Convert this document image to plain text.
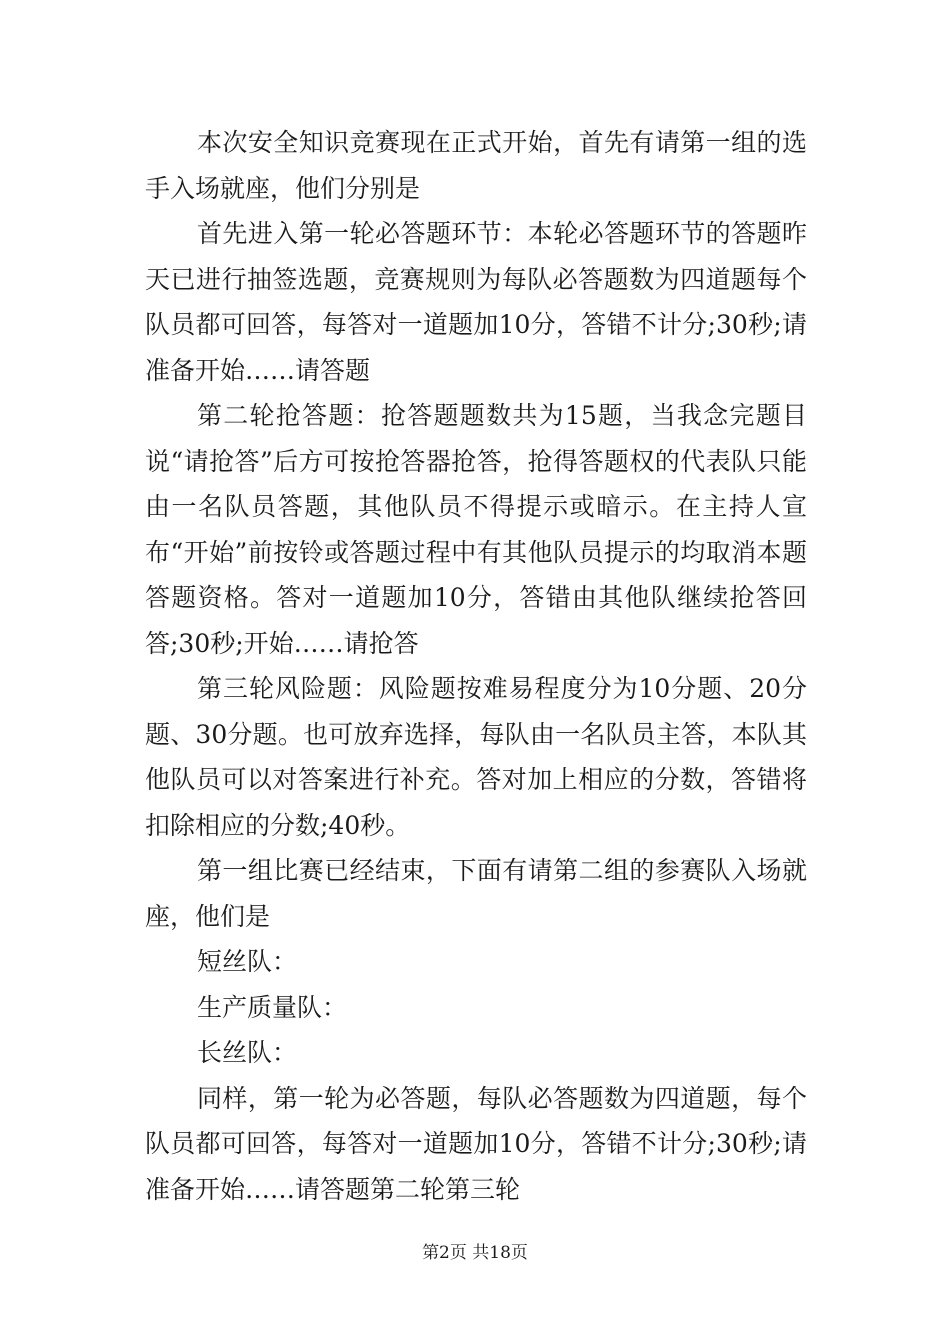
本次安全知识竞赛现在正式开始，首先有请第一组的选手入场就座，他们分别是

首先进入第一轮必答题环节：本轮必答题环节的答题昨天已进行抽签选题，竞赛规则为每队必答题数为四道题每个队员都可回答，每答对一道题加10分，答错不计分;30秒;请准备开始……请答题

第二轮抢答题：抢答题题数共为15题，当我念完题目说“请抢答”后方可按抢答器抢答，抢得答题权的代表队只能由一名队员答题，其他队员不得提示或暗示。在主持人宣布“开始”前按铃或答题过程中有其他队员提示的均取消本题答题资格。答对一道题加10分，答错由其他队继续抢答回答;30秒;开始……请抢答

第三轮风险题：风险题按难易程度分为10分题、20分题、30分题。也可放弃选择，每队由一名队员主答，本队其他队员可以对答案进行补充。答对加上相应的分数，答错将扣除相应的分数;40秒。

第一组比赛已经结束，下面有请第二组的参赛队入场就座，他们是

短丝队：

生产质量队：

长丝队：

同样，第一轮为必答题，每队必答题数为四道题，每个队员都可回答，每答对一道题加10分，答错不计分;30秒;请准备开始……请答题第二轮第三轮

第2页 共18页
